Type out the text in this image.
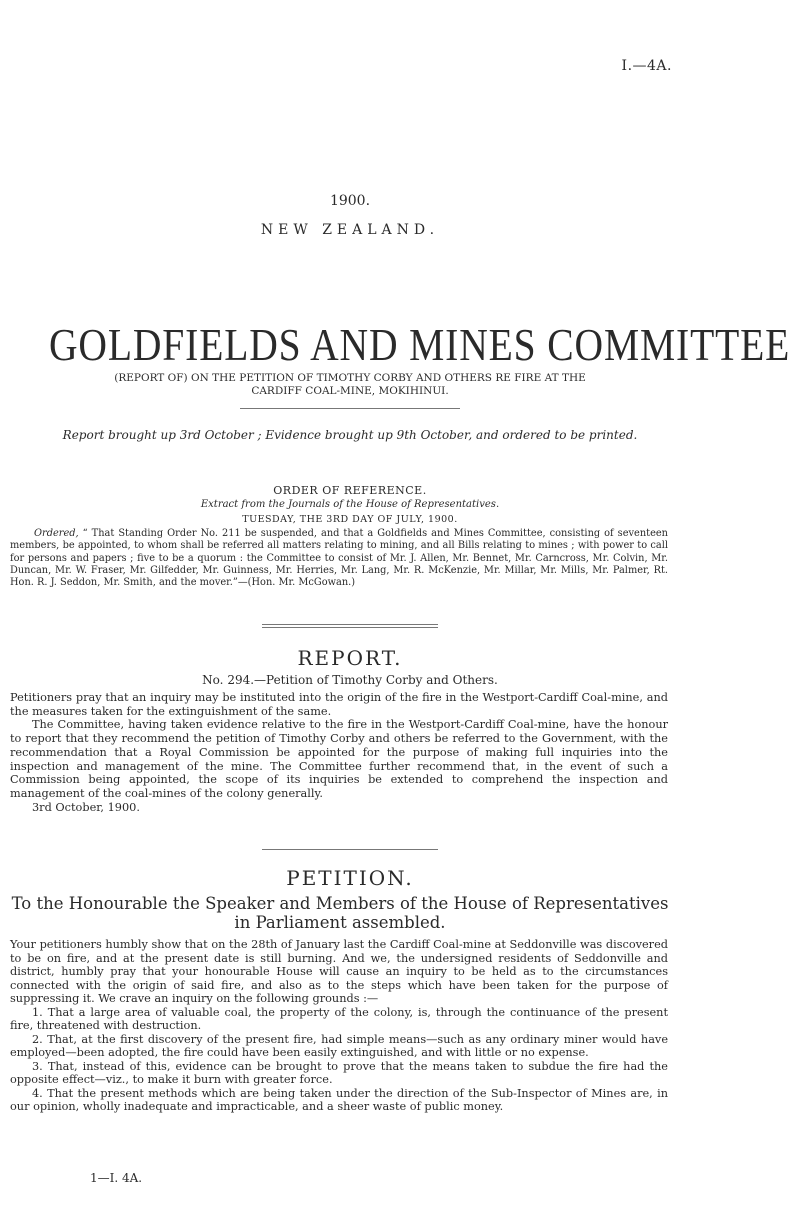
I.—4A.
1900.
NEW ZEALAND.
GOLDFIELDS AND MINES COMMITTEE
(REPORT OF) ON THE PETITION OF TIMOTHY CORBY AND OTHERS RE FIRE AT THE
CARDIFF COAL-MINE, MOKIHINUI.
Report brought up 3rd October ; Evidence brought up 9th October, and ordered to be printed.
ORDER OF REFERENCE.
Extract from the Journals of the House of Representatives.
TUESDAY, THE 3RD DAY OF JULY, 1900.
Ordered, “ That Standing Order No. 211 be suspended, and that a Goldfields and Mines Committee, consisting of seventeen members, be appointed, to whom shall be referred all matters relating to mining, and all Bills relating to mines ; with power to call for persons and papers ; five to be a quorum : the Committee to consist of Mr. J. Allen, Mr. Bennet, Mr. Carncross, Mr. Colvin, Mr. Duncan, Mr. W. Fraser, Mr. Gilfedder, Mr. Guinness, Mr. Herries, Mr. Lang, Mr. R. McKenzie, Mr. Millar, Mr. Mills, Mr. Palmer, Rt. Hon. R. J. Seddon, Mr. Smith, and the mover.”—(Hon. Mr. McGowan.)
REPORT.
No. 294.—Petition of Timothy Corby and Others.

Petitioners pray that an inquiry may be instituted into the origin of the fire in the Westport-Cardiff Coal-mine, and the measures taken for the extinguishment of the same.

The Committee, having taken evidence relative to the fire in the Westport-Cardiff Coal-mine, have the honour to report that they recommend the petition of Timothy Corby and others be referred to the Government, with the recommendation that a Royal Commission be appointed for the purpose of making full inquiries into the inspection and management of the mine. The Committee further recommend that, in the event of such a Commission being appointed, the scope of its inquiries be extended to comprehend the inspection and management of the coal-mines of the colony generally.

3rd October, 1900.

PETITION.
To the Honourable the Speaker and Members of the House of Representatives
in Parliament assembled.

Your petitioners humbly show that on the 28th of January last the Cardiff Coal-mine at Seddonville was discovered to be on fire, and at the present date is still burning. And we, the undersigned residents of Seddonville and district, humbly pray that your honourable House will cause an inquiry to be held as to the circumstances connected with the origin of said fire, and also as to the steps which have been taken for the purpose of suppressing it. We crave an inquiry on the following grounds :—

1. That a large area of valuable coal, the property of the colony, is, through the continuance of the present fire, threatened with destruction.

2. That, at the first discovery of the present fire, had simple means—such as any ordinary miner would have employed—been adopted, the fire could have been easily extinguished, and with little or no expense.

3. That, instead of this, evidence can be brought to prove that the means taken to subdue the fire had the opposite effect—viz., to make it burn with greater force.

4. That the present methods which are being taken under the direction of the Sub-Inspector of Mines are, in our opinion, wholly inadequate and impracticable, and a sheer waste of public money.

1—I. 4A.
